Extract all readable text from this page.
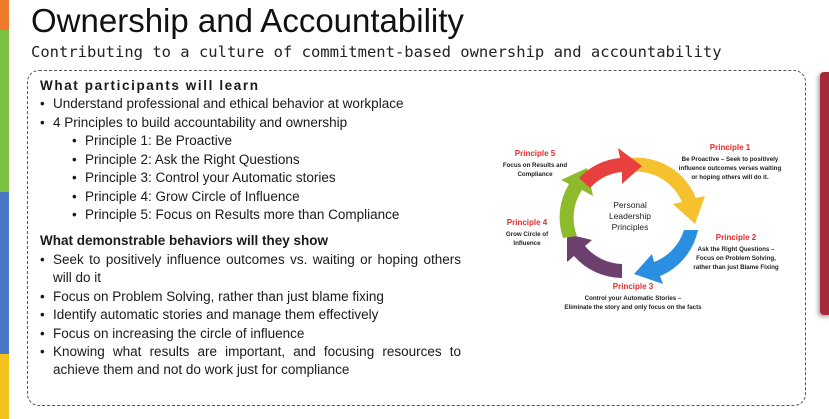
Ownership and Accountability
Contributing to a culture of commitment-based ownership and accountability
What participants will learn
• Understand professional and ethical behavior at workplace
• 4 Principles to build accountability and ownership
• Principle 1: Be Proactive
• Principle 2: Ask the Right Questions
• Principle 3: Control your Automatic stories
• Principle 4: Grow Circle of Influence
• Principle 5: Focus on Results more than Compliance
What demonstrable behaviors will they show
• Seek to positively influence outcomes vs. waiting or hoping others will do it
• Focus on Problem Solving, rather than just blame fixing
• Identify automatic stories and manage them effectively
• Focus on increasing the circle of influence
• Knowing what results are important, and focusing resources to achieve them and not do work just for compliance
Personal
Leadership
Principles
Principle 1
Be Proactive – Seek to positively
influence outcomes verses waiting
or hoping others will do it.
Principle 2
Ask the Right Questions –
Focus on Problem Solving,
rather than just Blame Fixing
Principle 3
Control your Automatic Stories –
Eliminate the story and only focus on the facts
Principle 4
Grow Circle of
Influence
Principle 5
Focus on Results and
Compliance
